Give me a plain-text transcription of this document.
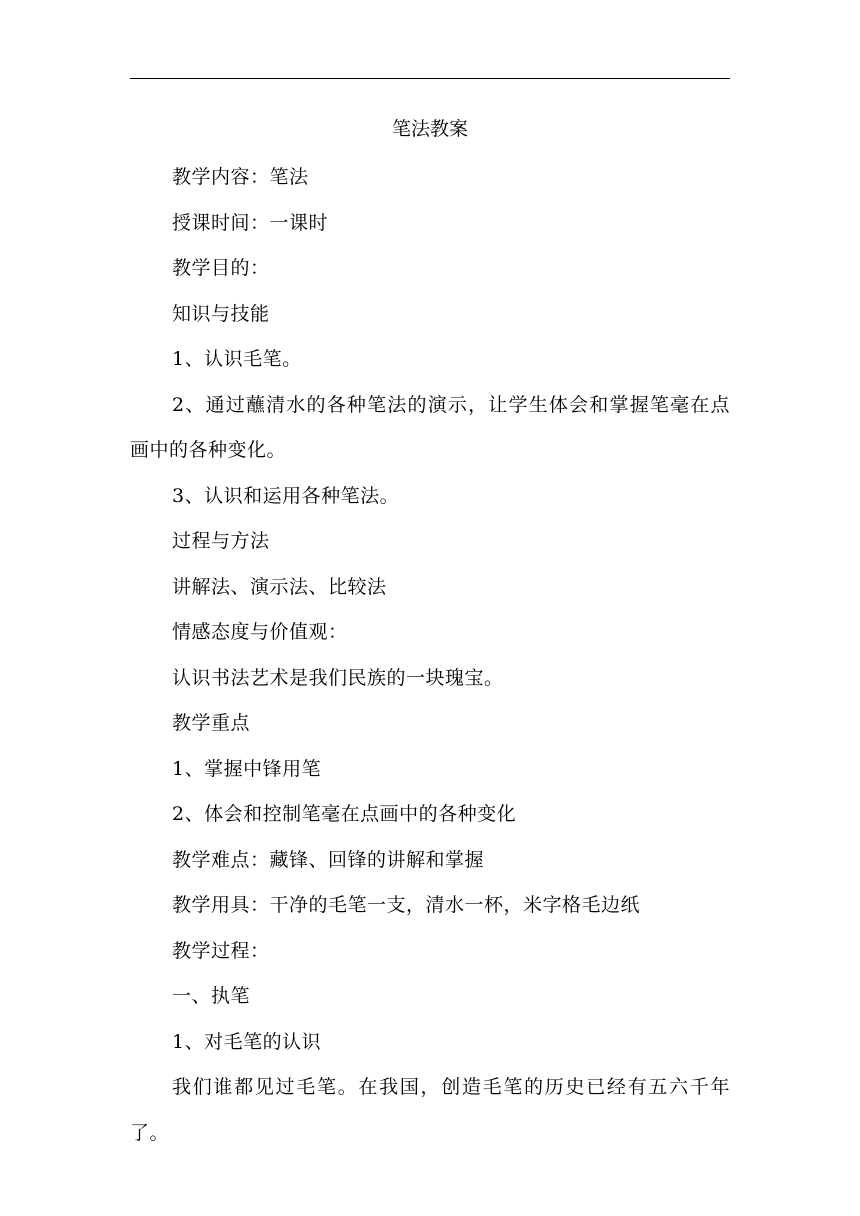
笔法教案

教学内容：笔法

授课时间：一课时

教学目的：

知识与技能

1、认识毛笔。

2、通过蘸清水的各种笔法的演示，让学生体会和掌握笔毫在点画中的各种变化。

3、认识和运用各种笔法。

过程与方法

讲解法、演示法、比较法

情感态度与价值观：

认识书法艺术是我们民族的一块瑰宝。

教学重点

1、掌握中锋用笔

2、体会和控制笔毫在点画中的各种变化

教学难点：藏锋、回锋的讲解和掌握

教学用具：干净的毛笔一支，清水一杯，米字格毛边纸

教学过程：

一、执笔

1、对毛笔的认识

我们谁都见过毛笔。在我国，创造毛笔的历史已经有五六千年了。
